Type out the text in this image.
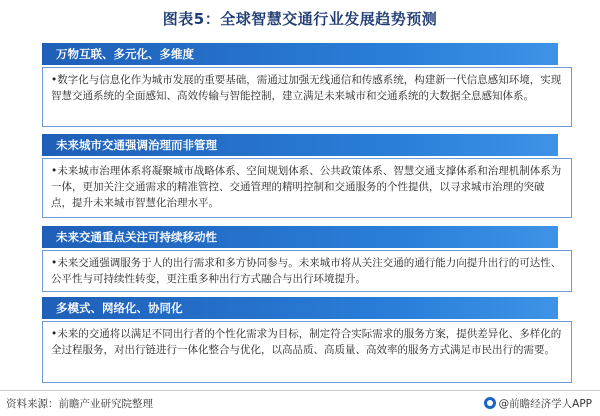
图表5：全球智慧交通行业发展趋势预测
万物互联、多元化、多维度
•数字化与信息化作为城市发展的重要基础，需通过加强无线通信和传感系统，构建新一代信息感知环境，实现智慧交通系统的全面感知、高效传输与智能控制，建立满足未来城市和交通系统的大数据全息感知体系。
未来城市交通强调治理而非管理
•未来城市治理体系将凝聚城市战略体系、空间规划体系、公共政策体系、智慧交通支撑体系和治理机制体系为一体，更加关注交通需求的精准管控、交通管理的精明控制和交通服务的个性提供，以寻求城市治理的突破点，提升未来城市智慧化治理水平。
未来交通重点关注可持续移动性
•未来交通强调服务于人的出行需求和多方协同参与。未来城市将从关注交通的通行能力向提升出行的可达性、公平性与可持续性转变，更注重多种出行方式融合与出行环境提升。
多模式、网络化、协同化
•未来的交通将以满足不同出行者的个性化需求为目标，制定符合实际需求的服务方案，提供差异化、多样化的全过程服务，对出行链进行一体化整合与优化，以高品质、高质量、高效率的服务方式满足市民出行的需要。
资料来源：前瞻产业研究院整理	@前瞻经济学人APP
